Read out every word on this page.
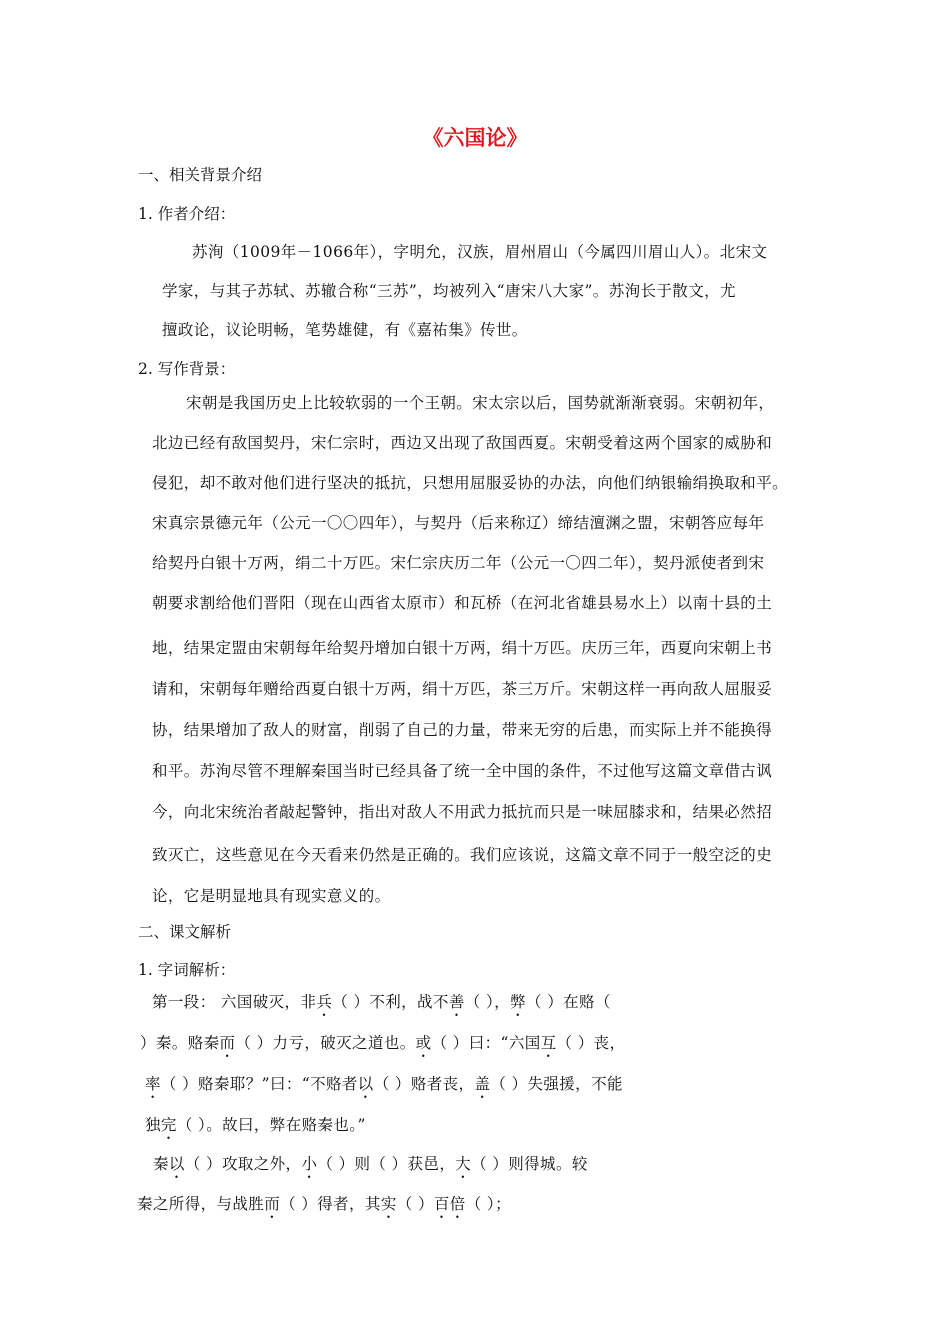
《六国论》
一、相关背景介绍
1. 作者介绍：
苏洵（1009年－1066年），字明允，汉族，眉州眉山（今属四川眉山人）。北宋文
学家，与其子苏轼、苏辙合称“三苏”，均被列入“唐宋八大家”。苏洵长于散文，尤
擅政论，议论明畅，笔势雄健，有《嘉祐集》传世。
2. 写作背景：
宋朝是我国历史上比较软弱的一个王朝。宋太宗以后，国势就渐渐衰弱。宋朝初年，
北边已经有敌国契丹，宋仁宗时，西边又出现了敌国西夏。宋朝受着这两个国家的威胁和
侵犯，却不敢对他们进行坚决的抵抗，只想用屈服妥协的办法，向他们纳银输绢换取和平。
宋真宗景德元年（公元一〇〇四年），与契丹（后来称辽）缔结澶渊之盟，宋朝答应每年
给契丹白银十万两，绢二十万匹。宋仁宗庆历二年（公元一〇四二年），契丹派使者到宋
朝要求割给他们晋阳（现在山西省太原市）和瓦桥（在河北省雄县易水上）以南十县的土
地，结果定盟由宋朝每年给契丹增加白银十万两，绢十万匹。庆历三年，西夏向宋朝上书
请和，宋朝每年赠给西夏白银十万两，绢十万匹，茶三万斤。宋朝这样一再向敌人屈服妥
协，结果增加了敌人的财富，削弱了自己的力量，带来无穷的后患，而实际上并不能换得
和平。苏洵尽管不理解秦国当时已经具备了统一全中国的条件，不过他写这篇文章借古讽
今，向北宋统治者敲起警钟，指出对敌人不用武力抵抗而只是一味屈膝求和，结果必然招
致灭亡，这些意见在今天看来仍然是正确的。我们应该说，这篇文章不同于一般空泛的史
论，它是明显地具有现实意义的。
二、课文解析
1. 字词解析：
第一段： 六国破灭，非兵（ ）不利，战不善（ ），弊（ ）在赂（
）秦。赂秦而（ ）力亏，破灭之道也。或（ ）曰：“六国互（ ）丧，
率（ ）赂秦耶？”曰：“不赂者以（ ）赂者丧，盖（ ）失强援，不能
独完（ ）。故曰，弊在赂秦也。”
秦以（ ）攻取之外，小（ ）则（ ）获邑，大（ ）则得城。较
秦之所得，与战胜而（ ）得者，其实（ ）百倍（ ）；
